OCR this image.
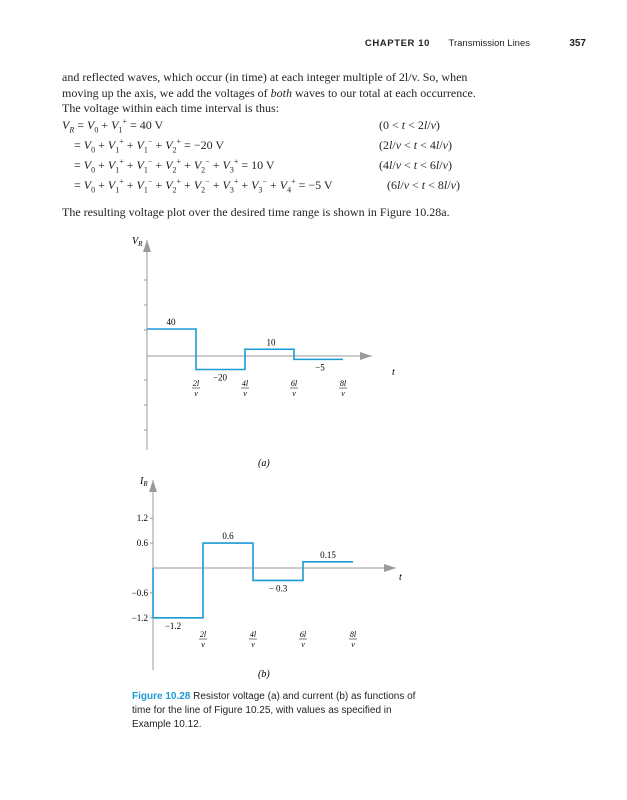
CHAPTER 10 Transmission Lines	357
and reflected waves, which occur (in time) at each integer multiple of 2l/v. So, when
moving up the axis, we add the voltages of both waves to our total at each occurrence.
The voltage within each time interval is thus:
$V_R = V_0 + V_1^+ = 40$ V	(0 < t < 2l/v)
= $V_0 + V_1^+ + V_1^- + V_2^+ = -20$ V	(2l/v < t < 4l/v)
= $V_0 + V_1^+ + V_1^- + V_2^+ + V_2^- + V_3^+ = 10$ V	(4l/v < t < 6l/v)
= $V_0 + V_1^+ + V_1^- + V_2^+ + V_2^- + V_3^+ + V_3^- + V_4^+ = -5$ V	(6l/v < t < 8l/v)
The resulting voltage plot over the desired time range is shown in Figure 10.28a.
$V_R$
t
40
−20
10
−5
2l
v
4l
v
6l
v
8l
v
(a)
$I_R$
t
−1.2
0.6
− 0.3
0.15
2l
v
4l
v
6l
v
8l
v
1.2
0.6
−0.6
−1.2
(b)
Figure 10.28 Resistor voltage (a) and current (b) as functions of time for the line of Figure 10.25, with values as specified in Example 10.12.
